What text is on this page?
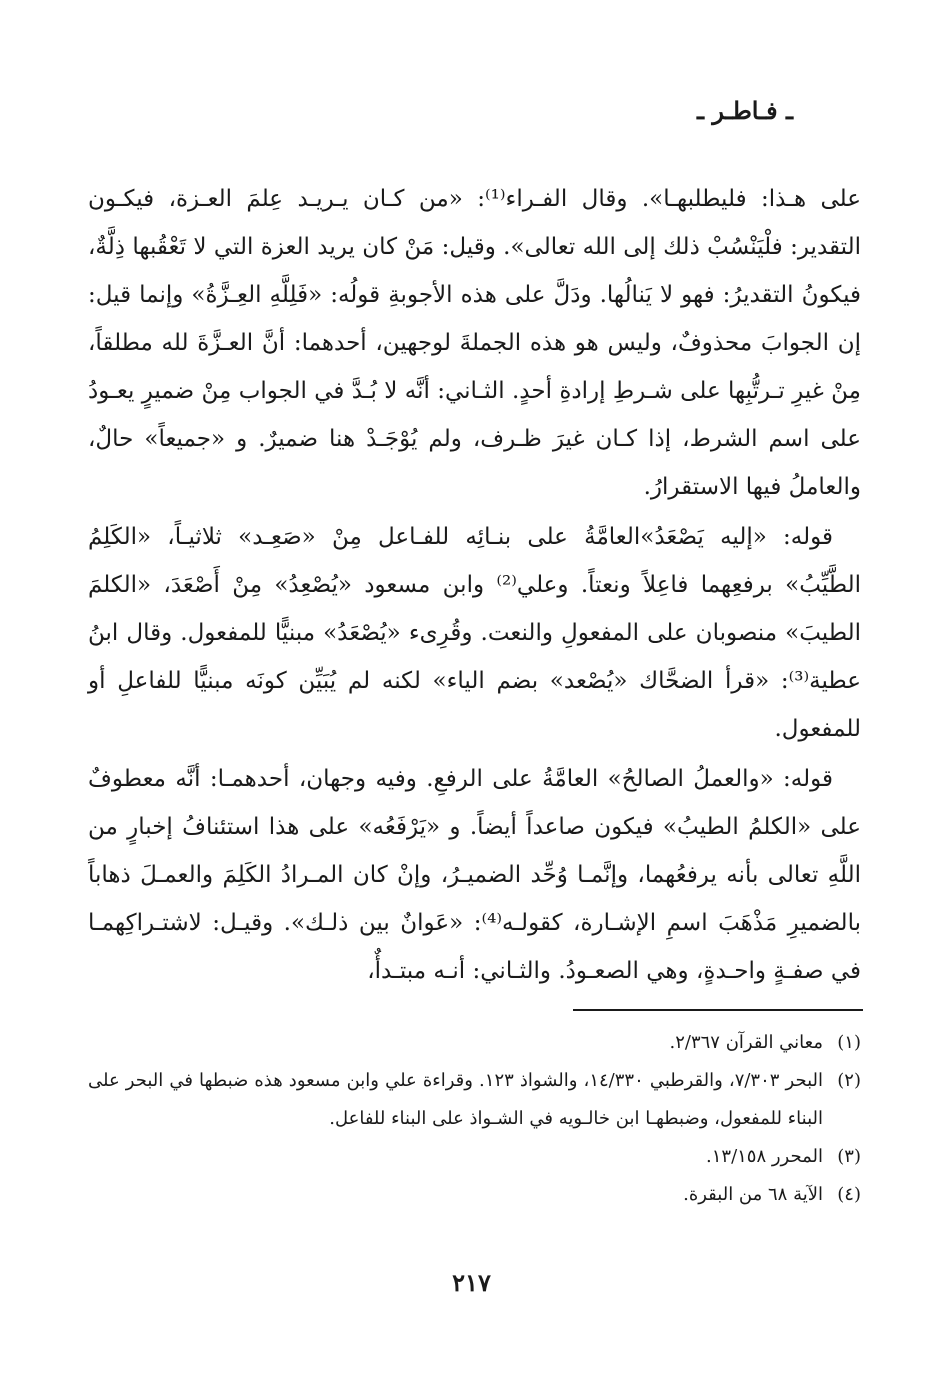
ـ فـاطـر ـ

على هـذا: فليطلبهـا». وقال الفـراء⁽¹⁾: «من كـان يـريـد عِلمَ العـزة، فيكـون التقدير: فلْيَنْسُبْ ذلك إلى الله تعالى». وقيل: مَنْ كان يريد العزة التي لا تَعْقُبها ذِلَّةٌ، فيكونُ التقديرُ: فهو لا يَنالُها. ودَلَّ على هذه الأجوبةِ قولُه: «فَلِلَّهِ العِـزَّةُ» وإنما قيل: إن الجوابَ محذوفٌ، وليس هو هذه الجملةَ لوجهين، أحدهما: أنَّ العـزَّةَ لله مطلقاً، مِنْ غيرِ تـرتُّبِها على شـرطِ إرادةِ أحدٍ. الثـاني: أنَّه لا بُـدَّ في الجواب مِنْ ضميرٍ يعـودُ على اسم الشرط، إذا كـان غيرَ ظـرف، ولم يُوْجَـدْ هنا ضميرٌ. و «جميعاً» حالٌ، والعاملُ فيها الاستقرارُ.

قوله: «إليه يَصْعَدُ»العامَّةُ على بنـائِه للفـاعل مِنْ «صَعِـد» ثلاثيـاً، «الكَلِمُ الطَّيِّبُ» برفعِهما فاعِلاً ونعتاً. وعلي⁽²⁾ وابن مسعود «يُصْعِدُ» مِنْ أَصْعَدَ، «الكلمَ الطيبَ» منصوبان على المفعولِ والنعت. وقُرِىء «يُصْعَدُ» مبنيًّا للمفعول. وقال ابنُ عطية⁽³⁾: «قرأ الضحَّاك «يُصْعد» بضم الياء» لكنه لم يُبَيِّن كونَه مبنيًّا للفاعلِ أو للمفعول.

قوله: «والعملُ الصالحُ» العامَّةُ على الرفعِ. وفيه وجهان، أحدهمـا: أنَّه معطوفٌ على «الكلمُ الطيبُ» فيكون صاعداً أيضاً. و «يَرْفَعُه» على هذا استئنافُ إخبارٍ من اللَّهِ تعالى بأنه يرفعُهما، وإنَّمـا وُحِّد الضميـرُ، وإنْ كان المـرادُ الكَلِمَ والعمـلَ ذهاباً بالضميرِ مَذْهَبَ اسمِ الإشـارة، كقولـه⁽⁴⁾: «عَوانٌ بين ذلـك». وقيـل: لاشتـراكِهمـا في صفـةٍ واحـدةٍ، وهي الصعـودُ. والثـاني: أنـه مبتـدأٌ،

(١)
معاني القرآن ٢/٣٦٧.
(٢)
البحر ٧/٣٠٣، والقرطبي ١٤/٣٣٠، والشواذ ١٢٣. وقراءة علي وابن مسعود هذه ضبطها في البحر على البناء للمفعول، وضبطهـا ابن خالـويه في الشـواذ على البناء للفاعل.
(٣)
المحرر ١٣/١٥٨.
(٤)
الآية ٦٨ من البقرة.
٢١٧
